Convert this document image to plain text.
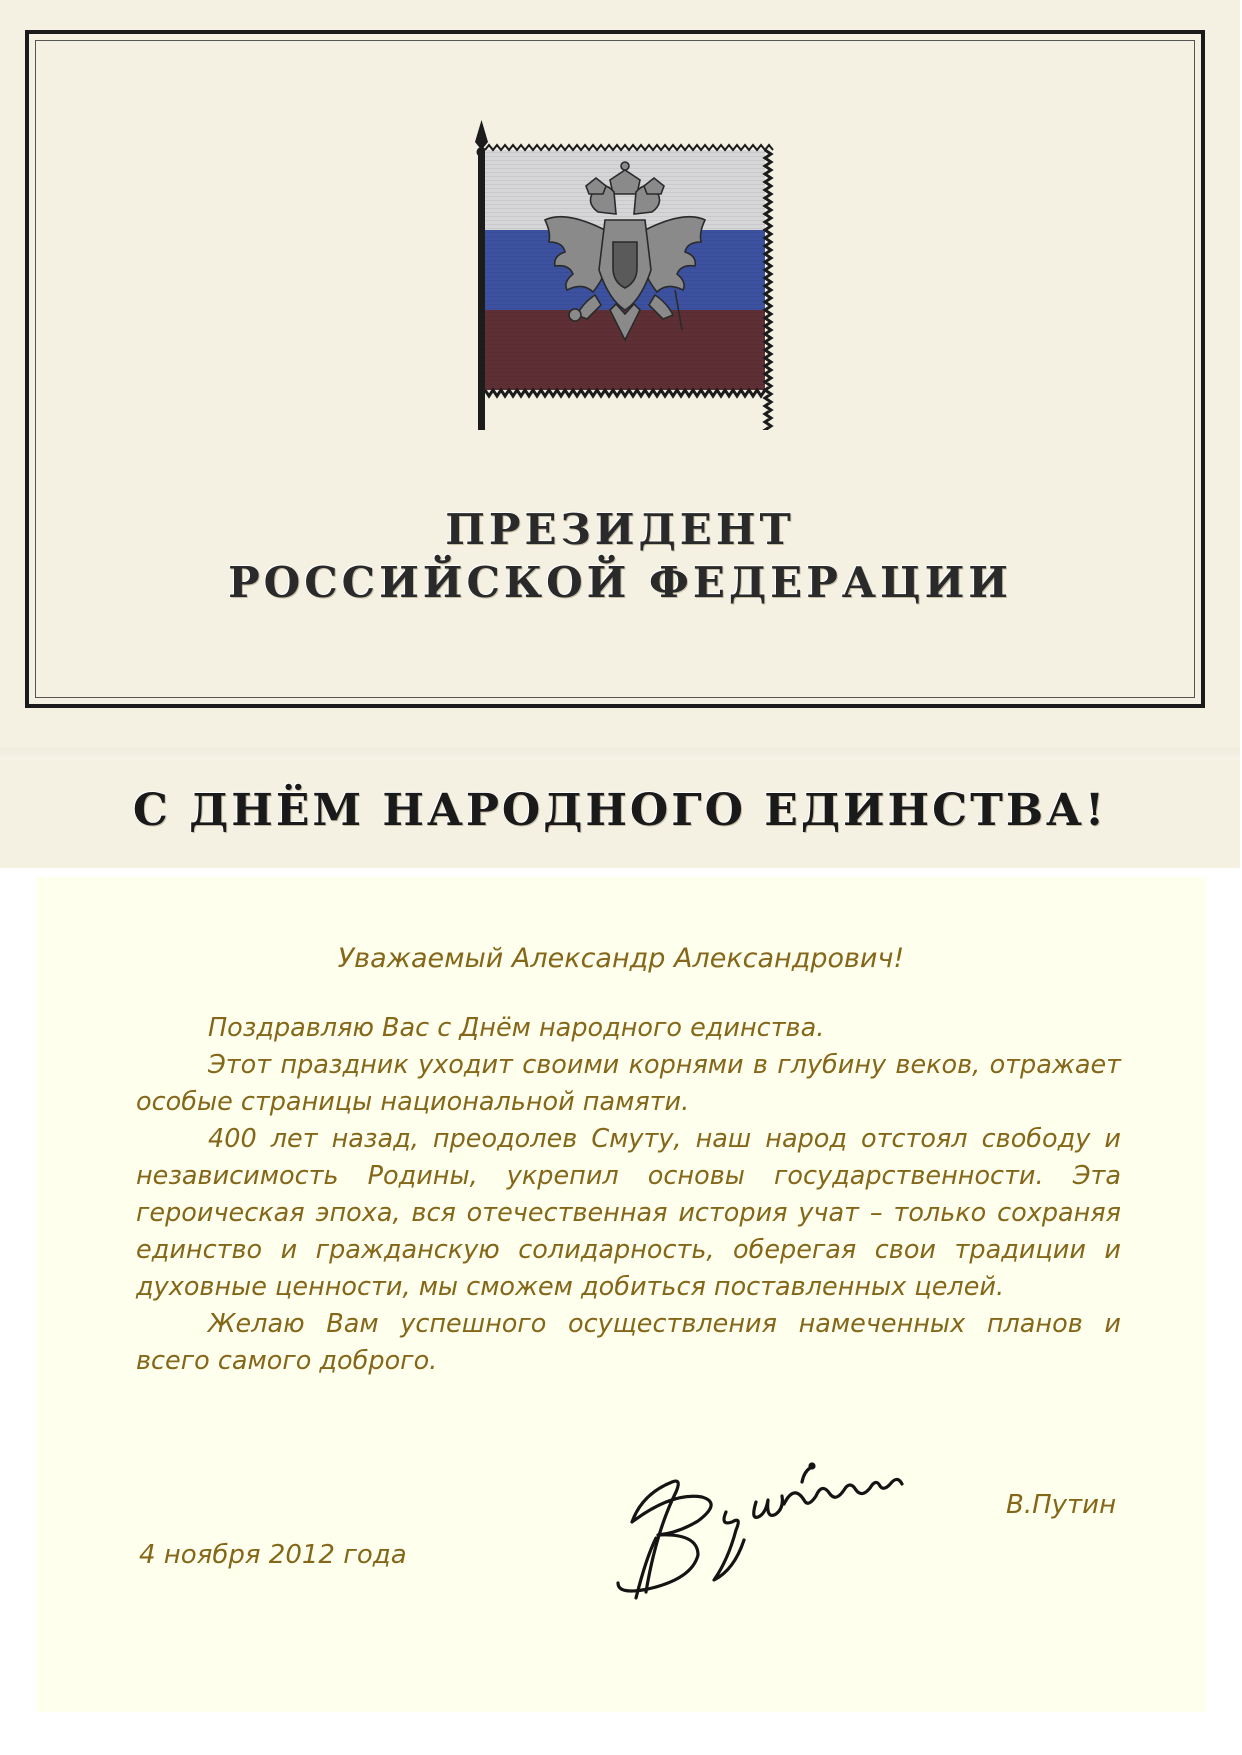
ПРЕЗИДЕНТ
РОССИЙСКОЙ ФЕДЕРАЦИИ
С ДНЁМ НАРОДНОГО ЕДИНСТВА!
Уважаемый Александр Александрович!

Поздравляю Вас с Днём народного единства.

Этот праздник уходит своими корнями в глубину веков, отражает особые страницы национальной памяти.

400 лет назад, преодолев Смуту, наш народ отстоял свободу и независимость Родины, укрепил основы государственности. Эта героическая эпоха, вся отечественная история учат – только сохраняя единство и гражданскую солидарность, оберегая свои традиции и духовные ценности, мы сможем добиться поставленных целей.

Желаю Вам успешного осуществления намеченных планов и всего самого доброго.

В.Путин
4 ноября 2012 года
